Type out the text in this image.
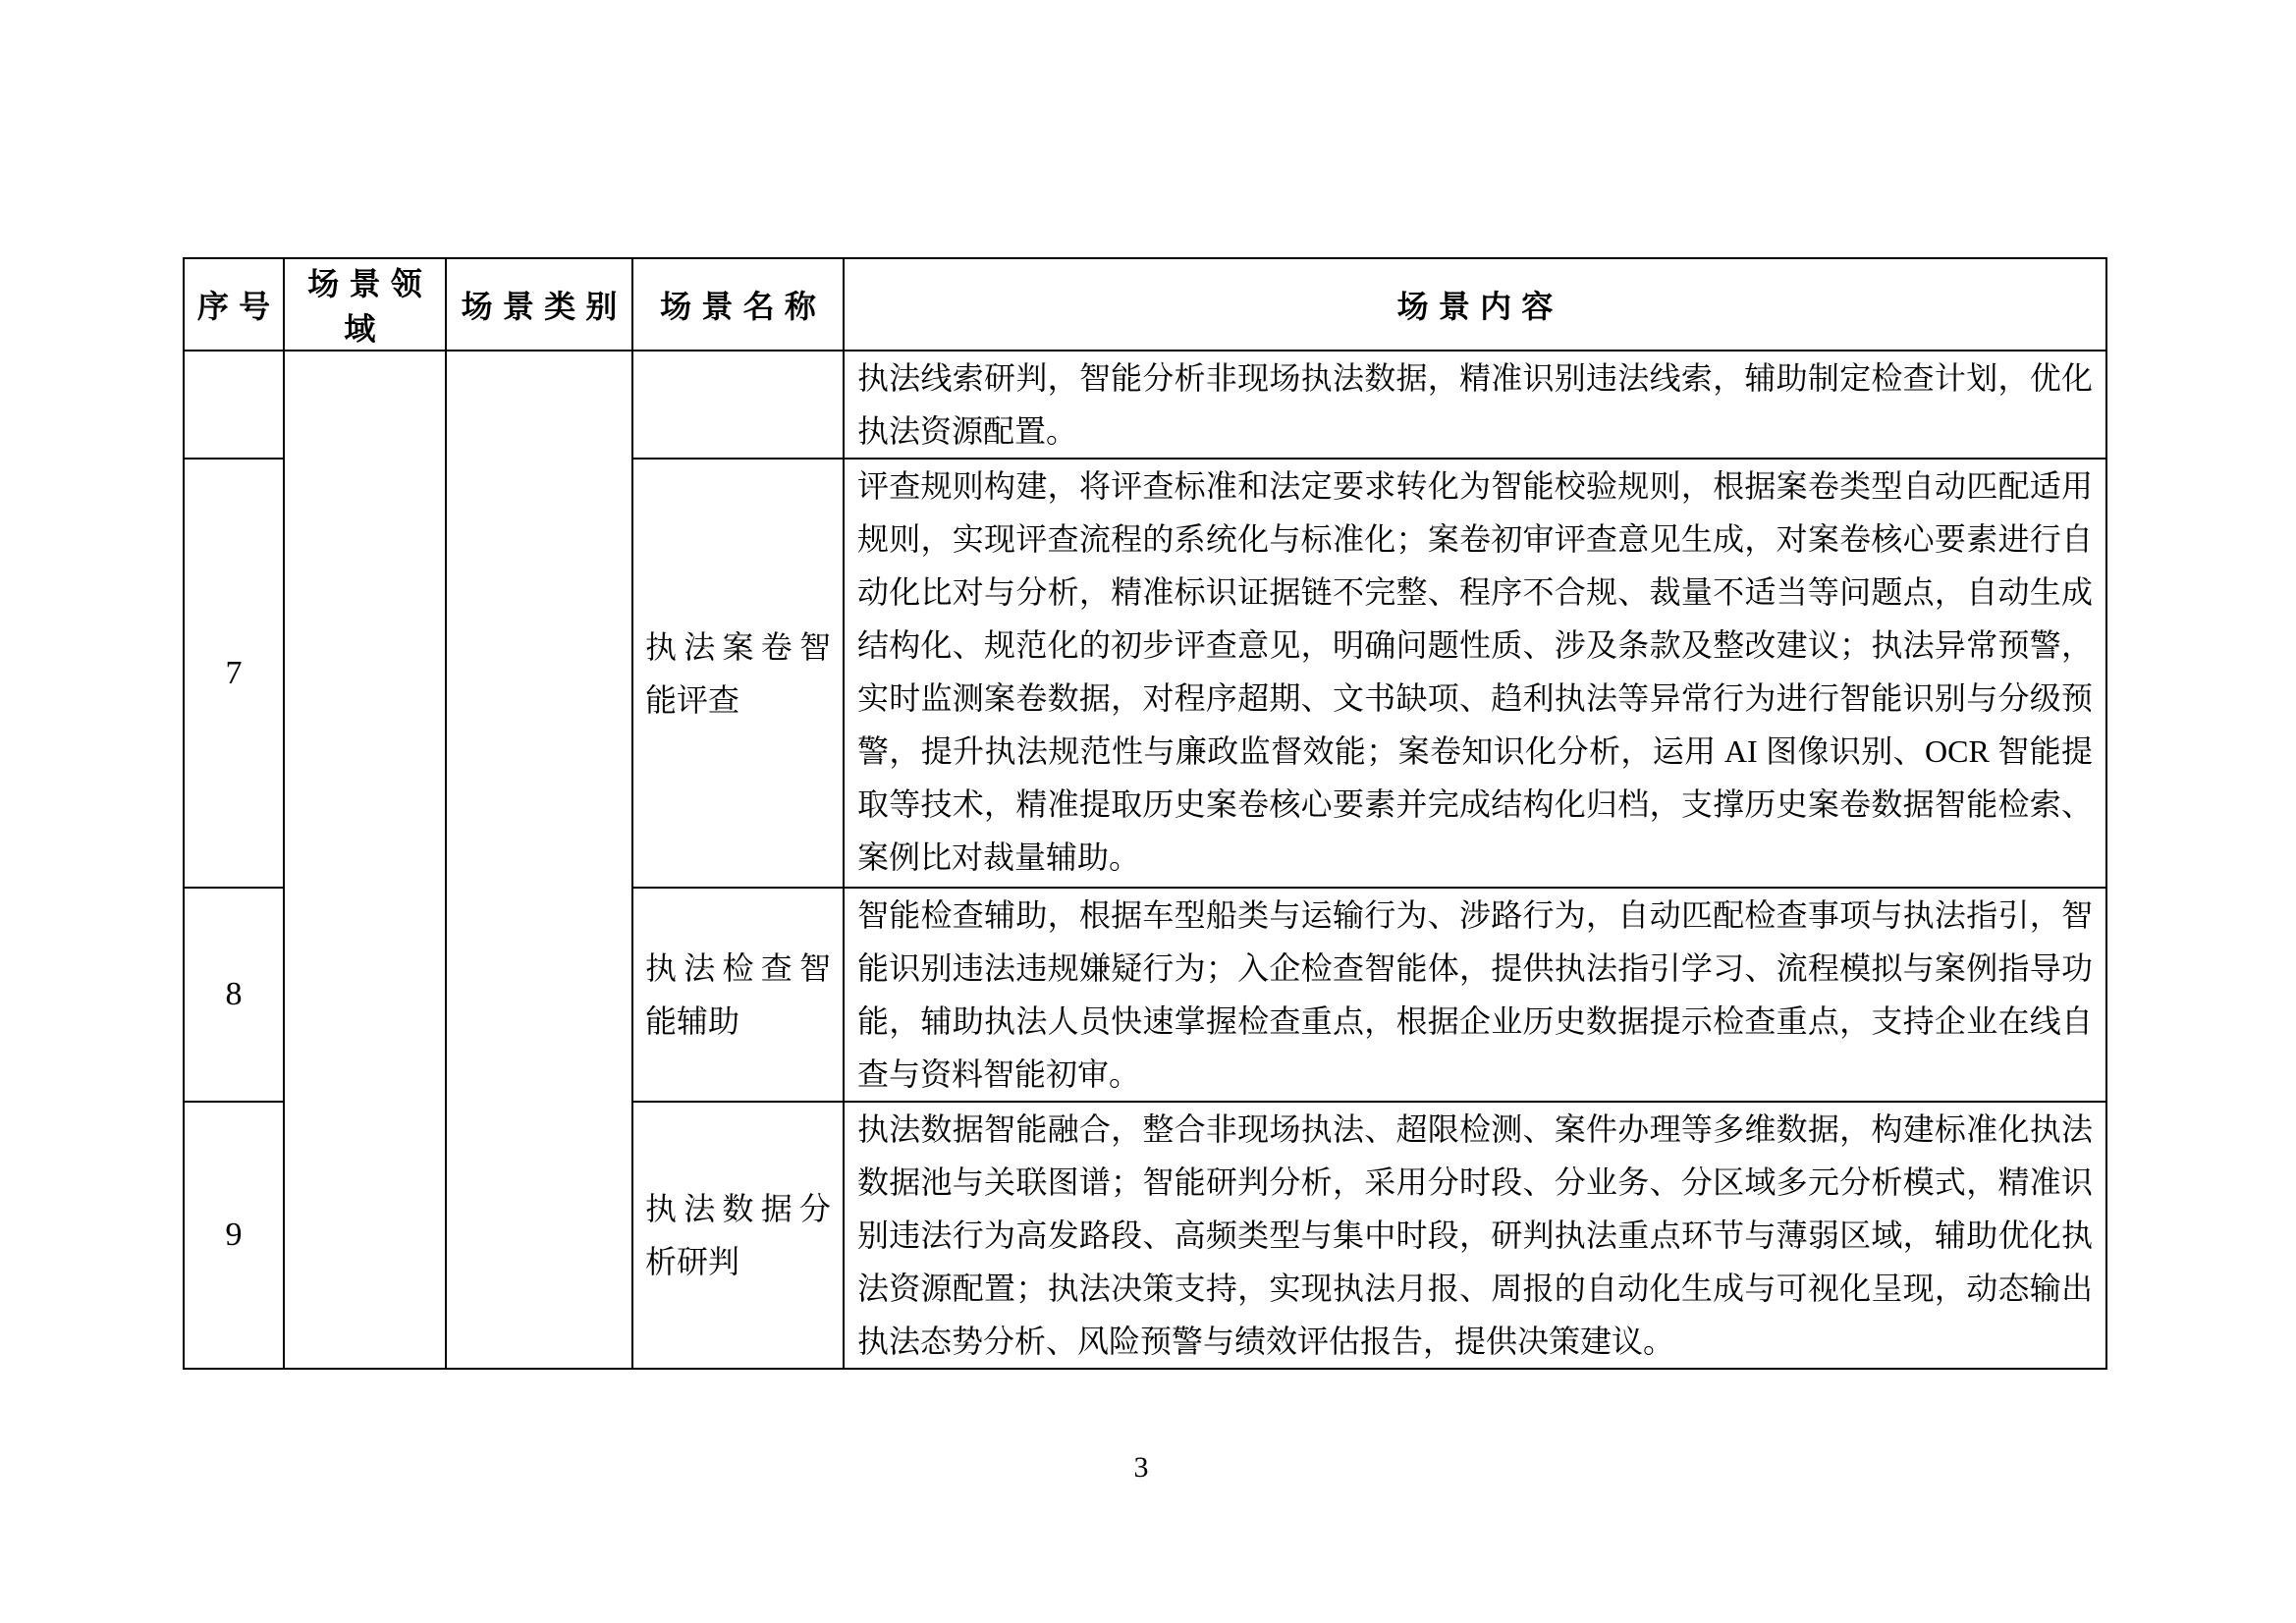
序号	场景领域	场景类别	场景名称	场景内容
				执法线索研判，智能分析非现场执法数据，精准识别违法线索，辅助制定检查计划，优化执法资源配置。
7			执法案卷智能评查	评查规则构建，将评查标准和法定要求转化为智能校验规则，根据案卷类型自动匹配适用规则，实现评查流程的系统化与标准化；案卷初审评查意见生成，对案卷核心要素进行自动化比对与分析，精准标识证据链不完整、程序不合规、裁量不适当等问题点，自动生成结构化、规范化的初步评查意见，明确问题性质、涉及条款及整改建议；执法异常预警，实时监测案卷数据，对程序超期、文书缺项、趋利执法等异常行为进行智能识别与分级预警，提升执法规范性与廉政监督效能；案卷知识化分析，运用 AI 图像识别、OCR 智能提取等技术，精准提取历史案卷核心要素并完成结构化归档，支撑历史案卷数据智能检索、案例比对裁量辅助。
8			执法检查智能辅助	智能检查辅助，根据车型船类与运输行为、涉路行为，自动匹配检查事项与执法指引，智能识别违法违规嫌疑行为；入企检查智能体，提供执法指引学习、流程模拟与案例指导功能，辅助执法人员快速掌握检查重点，根据企业历史数据提示检查重点，支持企业在线自查与资料智能初审。
9			执法数据分析研判	执法数据智能融合，整合非现场执法、超限检测、案件办理等多维数据，构建标准化执法数据池与关联图谱；智能研判分析，采用分时段、分业务、分区域多元分析模式，精准识别违法行为高发路段、高频类型与集中时段，研判执法重点环节与薄弱区域，辅助优化执法资源配置；执法决策支持，实现执法月报、周报的自动化生成与可视化呈现，动态输出执法态势分析、风险预警与绩效评估报告，提供决策建议。
3
